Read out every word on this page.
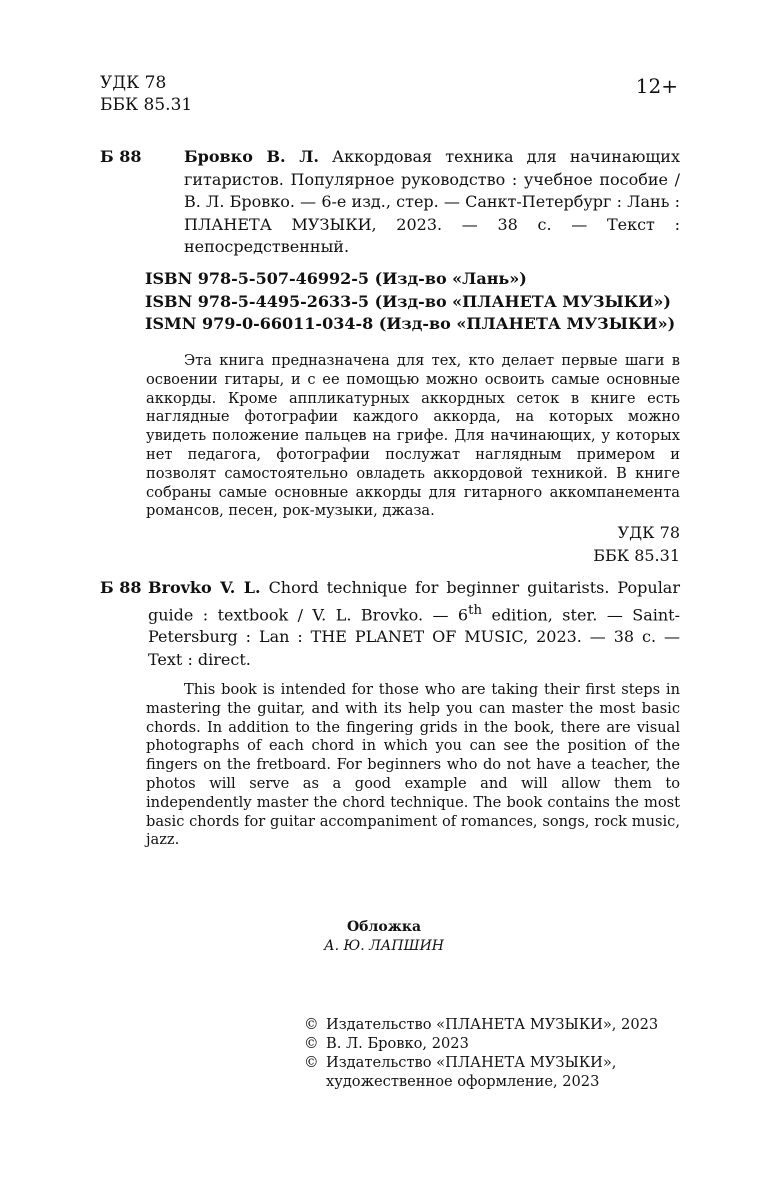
УДК 78
ББК 85.31
12+
Б 88	Бровко В. Л. Аккордовая техника для начинающих гитаристов. Популярное руководство : учебное пособие / В. Л. Бровко. — 6-е изд., стер. — Санкт-Петербург : Лань : ПЛАНЕТА МУЗЫКИ, 2023. — 38 с. — Текст : непосредственный.
ISBN 978-5-507-46992-5 (Изд-во «Лань»)
ISBN 978-5-4495-2633-5 (Изд-во «ПЛАНЕТА МУЗЫКИ»)
ISMN 979-0-66011-034-8 (Изд-во «ПЛАНЕТА МУЗЫКИ»)

Эта книга предназначена для тех, кто делает первые шаги в освоении гитары, и с ее помощью можно освоить самые основные аккорды. Кроме аппликатурных аккордных сеток в книге есть наглядные фотографии каждого аккорда, на которых можно увидеть положение пальцев на грифе. Для начинающих, у которых нет педагога, фотографии послужат наглядным примером и позволят самостоятельно овладеть аккордовой техникой. В книге собраны самые основные аккорды для гитарного аккомпанемента романсов, песен, рок-музыки, джаза.

УДК 78
ББК 85.31
Б 88 Brovko V. L. Chord technique for beginner guitarists. Popular guide : textbook / V. L. Brovko. — 6th edition, ster. — Saint-Petersburg : Lan : THE PLANET OF MUSIC, 2023. — 38 c. — Text : direct.

This book is intended for those who are taking their first steps in mastering the guitar, and with its help you can master the most basic chords. In addition to the fingering grids in the book, there are visual photographs of each chord in which you can see the position of the fingers on the fretboard. For beginners who do not have a teacher, the photos will serve as a good example and will allow them to independently master the chord technique. The book contains the most basic chords for guitar accompaniment of romances, songs, rock music, jazz.

Обложка
А. Ю. ЛАПШИН
© Издательство «ПЛАНЕТА МУЗЫКИ», 2023
© В. Л. Бровко, 2023
© Издательство «ПЛАНЕТА МУЗЫКИ»,
художественное оформление, 2023
